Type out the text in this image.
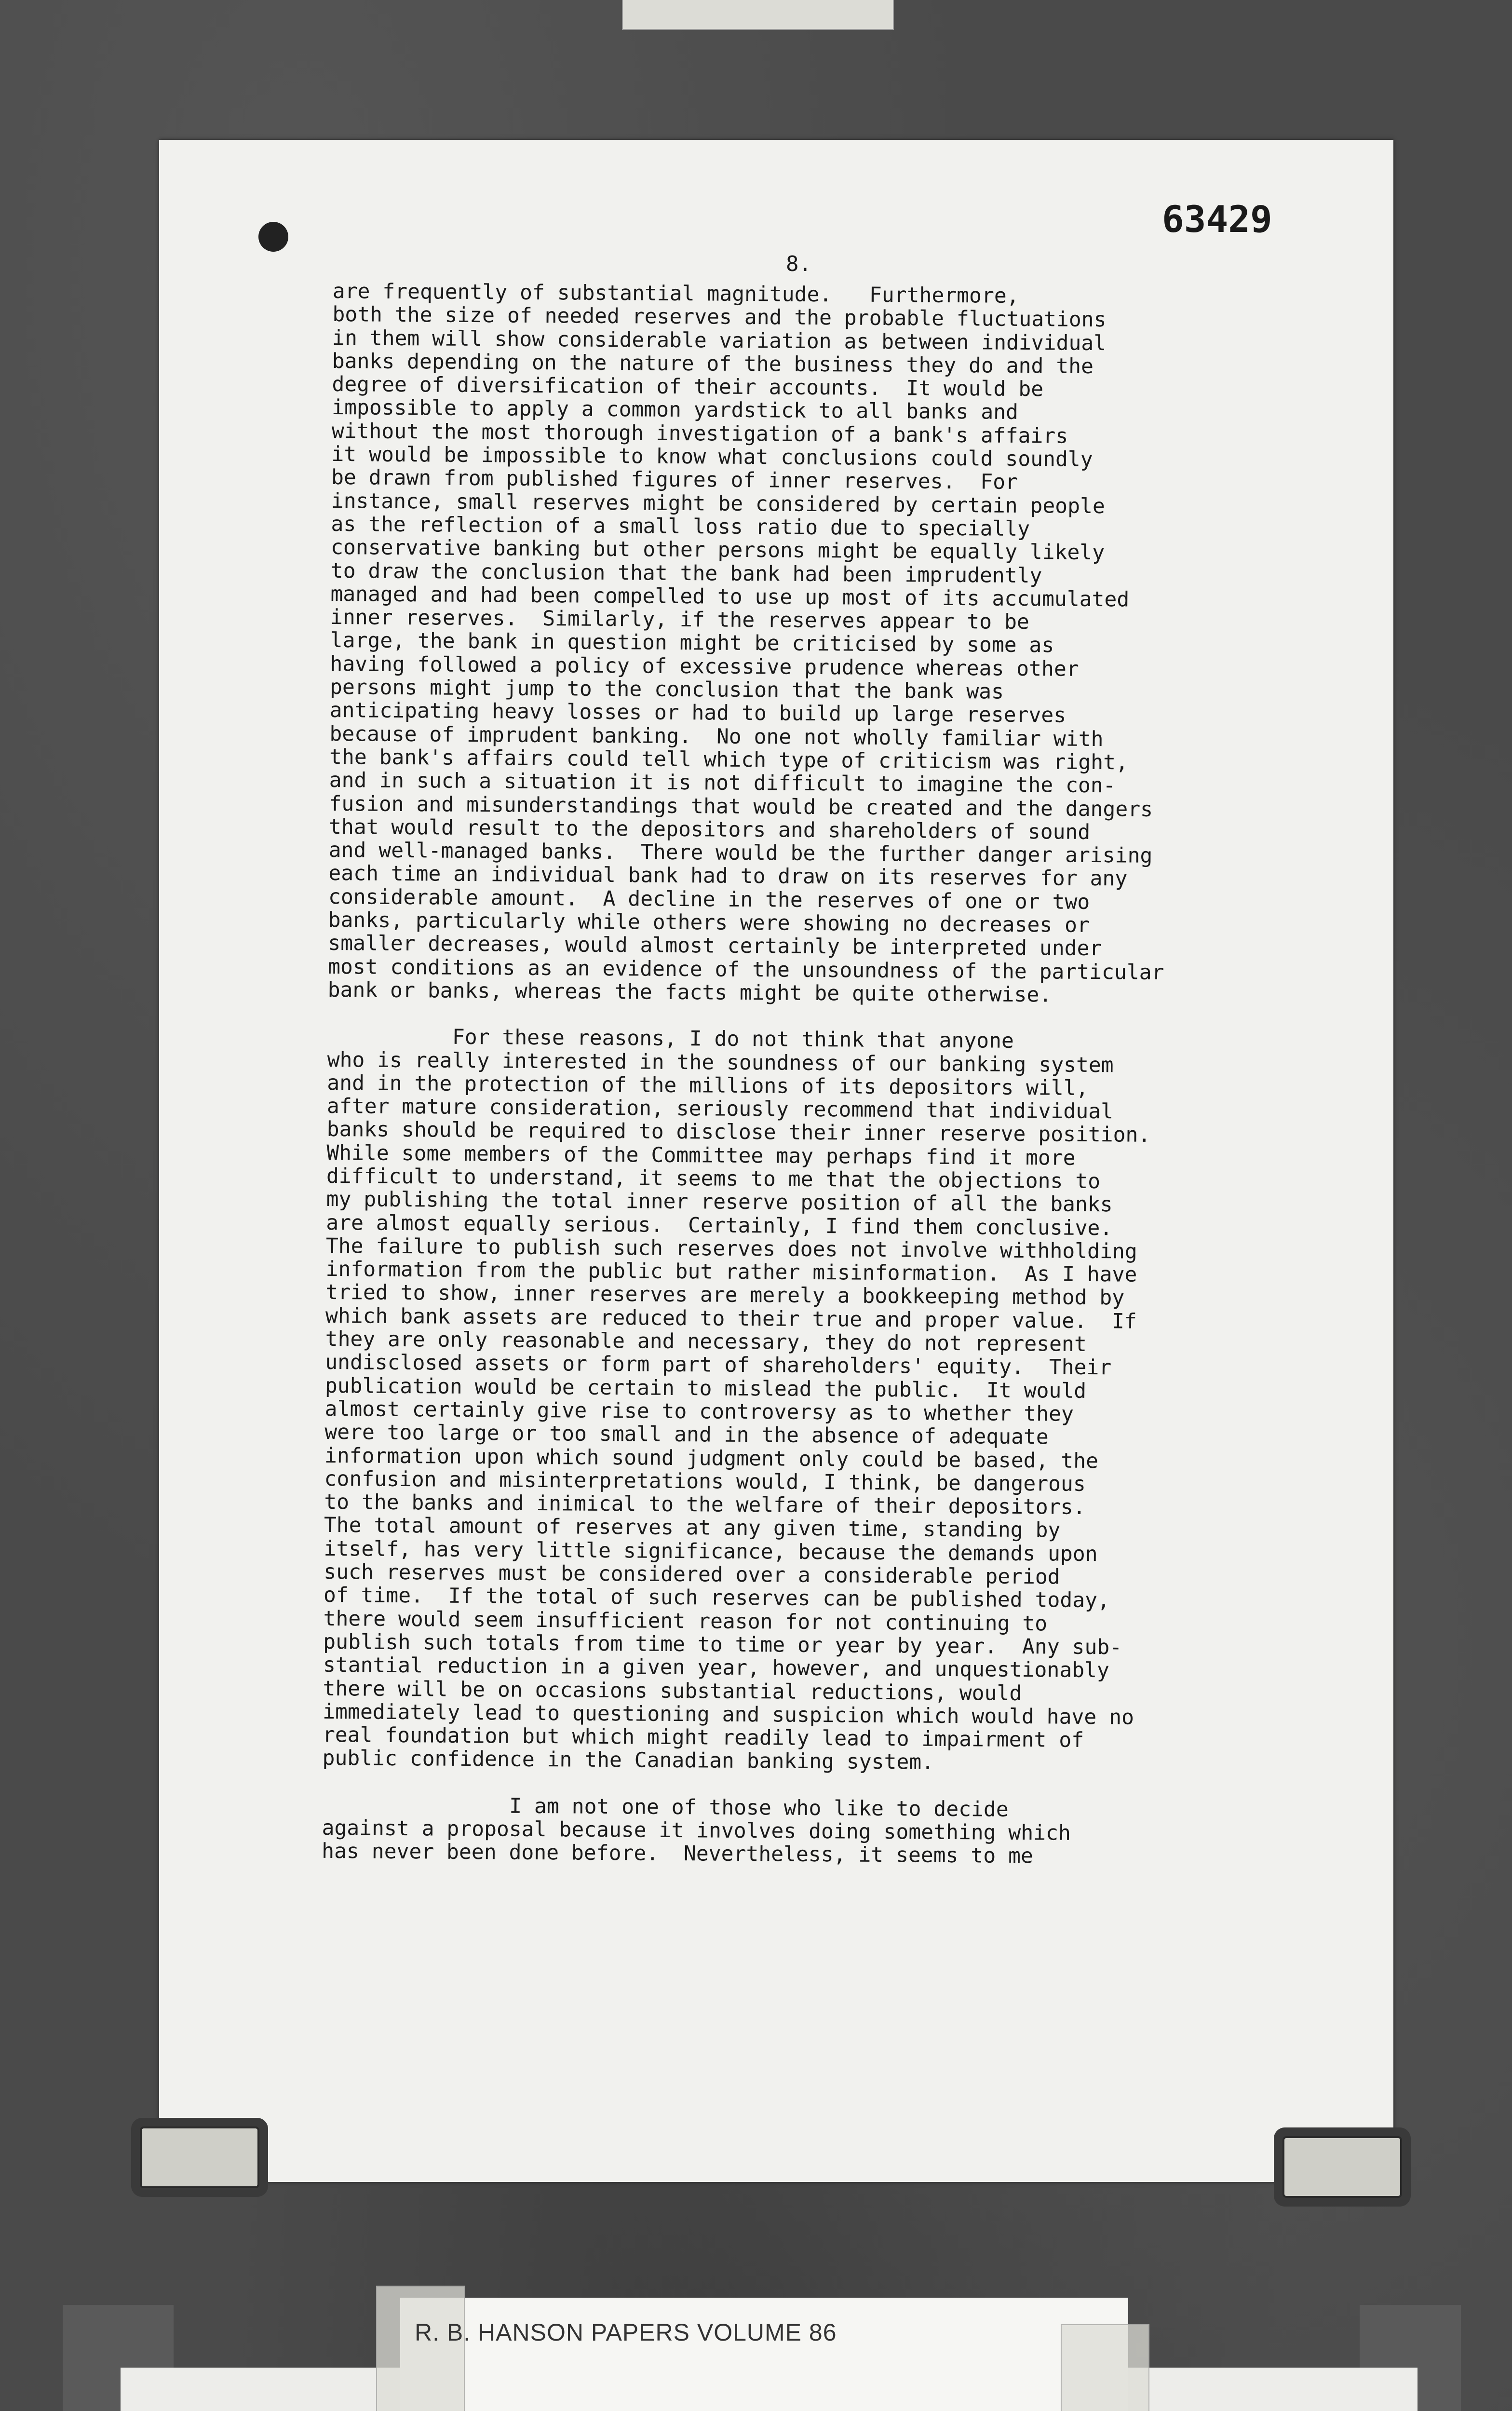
63429
8.
are frequently of substantial magnitude.   Furthermore,
both the size of needed reserves and the probable fluctuations
in them will show considerable variation as between individual
banks depending on the nature of the business they do and the
degree of diversification of their accounts.  It would be
impossible to apply a common yardstick to all banks and
without the most thorough investigation of a bank's affairs
it would be impossible to know what conclusions could soundly
be drawn from published figures of inner reserves.  For
instance, small reserves might be considered by certain people
as the reflection of a small loss ratio due to specially
conservative banking but other persons might be equally likely
to draw the conclusion that the bank had been imprudently
managed and had been compelled to use up most of its accumulated
inner reserves.  Similarly, if the reserves appear to be
large, the bank in question might be criticised by some as
having followed a policy of excessive prudence whereas other
persons might jump to the conclusion that the bank was
anticipating heavy losses or had to build up large reserves
because of imprudent banking.  No one not wholly familiar with
the bank's affairs could tell which type of criticism was right,
and in such a situation it is not difficult to imagine the con-
fusion and misunderstandings that would be created and the dangers
that would result to the depositors and shareholders of sound
and well-managed banks.  There would be the further danger arising
each time an individual bank had to draw on its reserves for any
considerable amount.  A decline in the reserves of one or two
banks, particularly while others were showing no decreases or
smaller decreases, would almost certainly be interpreted under
most conditions as an evidence of the unsoundness of the particular
bank or banks, whereas the facts might be quite otherwise.
For these reasons, I do not think that anyone
who is really interested in the soundness of our banking system
and in the protection of the millions of its depositors will,
after mature consideration, seriously recommend that individual
banks should be required to disclose their inner reserve position.
While some members of the Committee may perhaps find it more
difficult to understand, it seems to me that the objections to
my publishing the total inner reserve position of all the banks
are almost equally serious.  Certainly, I find them conclusive.
The failure to publish such reserves does not involve withholding
information from the public but rather misinformation.  As I have
tried to show, inner reserves are merely a bookkeeping method by
which bank assets are reduced to their true and proper value.  If
they are only reasonable and necessary, they do not represent
undisclosed assets or form part of shareholders' equity.  Their
publication would be certain to mislead the public.  It would
almost certainly give rise to controversy as to whether they
were too large or too small and in the absence of adequate
information upon which sound judgment only could be based, the
confusion and misinterpretations would, I think, be dangerous
to the banks and inimical to the welfare of their depositors.
The total amount of reserves at any given time, standing by
itself, has very little significance, because the demands upon
such reserves must be considered over a considerable period
of time.  If the total of such reserves can be published today,
there would seem insufficient reason for not continuing to
publish such totals from time to time or year by year.  Any sub-
stantial reduction in a given year, however, and unquestionably
there will be on occasions substantial reductions, would
immediately lead to questioning and suspicion which would have no
real foundation but which might readily lead to impairment of
public confidence in the Canadian banking system.
I am not one of those who like to decide
against a proposal because it involves doing something which
has never been done before.  Nevertheless, it seems to me
R. B. HANSON PAPERS VOLUME 86
